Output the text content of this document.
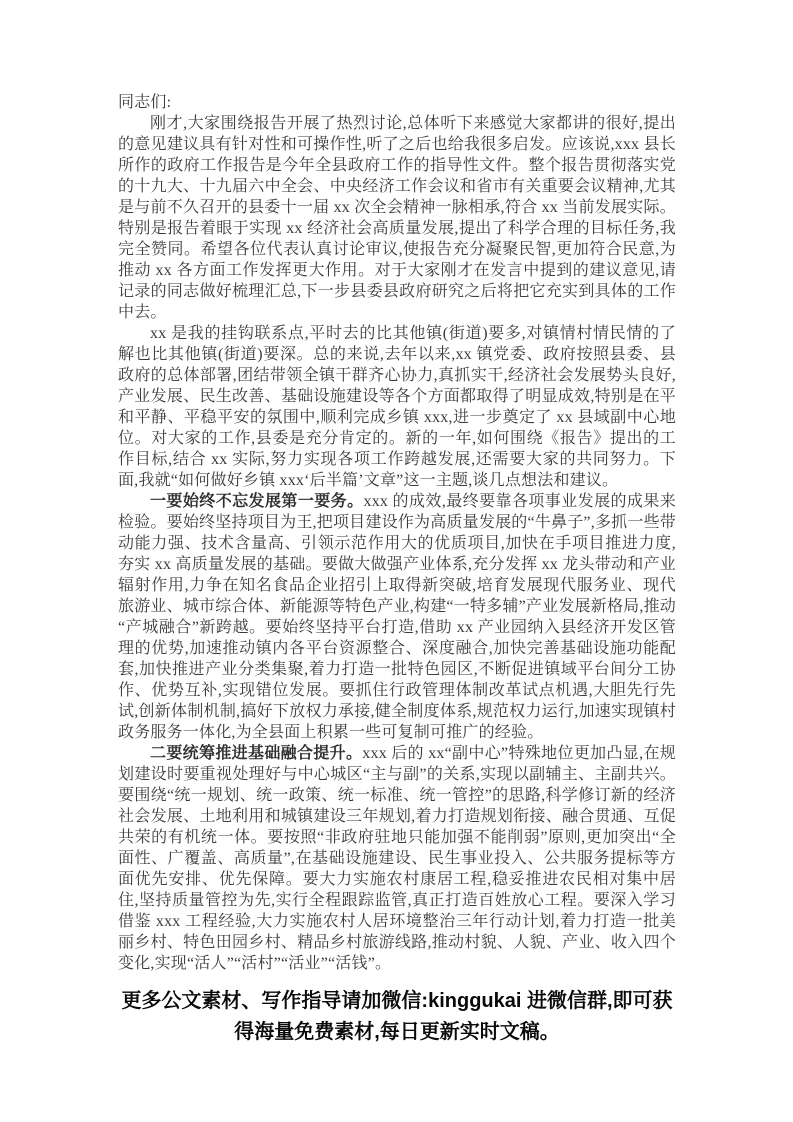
同志们:

刚才,大家围绕报告开展了热烈讨论,总体听下来感觉大家都讲的很好,提出的意见建议具有针对性和可操作性,听了之后也给我很多启发。应该说,xxx 县长所作的政府工作报告是今年全县政府工作的指导性文件。整个报告贯彻落实党的十九大、十九届六中全会、中央经济工作会议和省市有关重要会议精神,尤其是与前不久召开的县委十一届 xx 次全会精神一脉相承,符合 xx 当前发展实际。特别是报告着眼于实现 xx 经济社会高质量发展,提出了科学合理的目标任务,我完全赞同。希望各位代表认真讨论审议,使报告充分凝聚民智,更加符合民意,为推动 xx 各方面工作发挥更大作用。对于大家刚才在发言中提到的建议意见,请记录的同志做好梳理汇总,下一步县委县政府研究之后将把它充实到具体的工作中去。

xx 是我的挂钩联系点,平时去的比其他镇(街道)要多,对镇情村情民情的了解也比其他镇(街道)要深。总的来说,去年以来,xx 镇党委、政府按照县委、县政府的总体部署,团结带领全镇干群齐心协力,真抓实干,经济社会发展势头良好,产业发展、民生改善、基础设施建设等各个方面都取得了明显成效,特别是在平和平静、平稳平安的氛围中,顺利完成乡镇 xxx,进一步奠定了 xx 县域副中心地位。对大家的工作,县委是充分肯定的。新的一年,如何围绕《报告》提出的工作目标,结合 xx 实际,努力实现各项工作跨越发展,还需要大家的共同努力。下面,我就“如何做好乡镇 xxx‘后半篇’文章”这一主题,谈几点想法和建议。

一要始终不忘发展第一要务。xxx 的成效,最终要靠各项事业发展的成果来检验。要始终坚持项目为王,把项目建设作为高质量发展的“牛鼻子”,多抓一些带动能力强、技术含量高、引领示范作用大的优质项目,加快在手项目推进力度,夯实 xx 高质量发展的基础。要做大做强产业体系,充分发挥 xx 龙头带动和产业辐射作用,力争在知名食品企业招引上取得新突破,培育发展现代服务业、现代旅游业、城市综合体、新能源等特色产业,构建“一特多辅”产业发展新格局,推动“产城融合”新跨越。要始终坚持平台打造,借助 xx 产业园纳入县经济开发区管理的优势,加速推动镇内各平台资源整合、深度融合,加快完善基础设施功能配套,加快推进产业分类集聚,着力打造一批特色园区,不断促进镇域平台间分工协作、优势互补,实现错位发展。要抓住行政管理体制改革试点机遇,大胆先行先试,创新体制机制,搞好下放权力承接,健全制度体系,规范权力运行,加速实现镇村政务服务一体化,为全县面上积累一些可复制可推广的经验。

二要统筹推进基础融合提升。xxx 后的 xx“副中心”特殊地位更加凸显,在规划建设时要重视处理好与中心城区“主与副”的关系,实现以副辅主、主副共兴。要围绕“统一规划、统一政策、统一标准、统一管控”的思路,科学修订新的经济社会发展、土地利用和城镇建设三年规划,着力打造规划衔接、融合贯通、互促共荣的有机统一体。要按照“非政府驻地只能加强不能削弱”原则,更加突出“全面性、广覆盖、高质量”,在基础设施建设、民生事业投入、公共服务提标等方面优先安排、优先保障。要大力实施农村康居工程,稳妥推进农民相对集中居住,坚持质量管控为先,实行全程跟踪监管,真正打造百姓放心工程。要深入学习借鉴 xxx 工程经验,大力实施农村人居环境整治三年行动计划,着力打造一批美丽乡村、特色田园乡村、精品乡村旅游线路,推动村貌、人貌、产业、收入四个变化,实现“活人”“活村”“活业”“活钱”。

更多公文素材、写作指导请加微信:kinggukai 进微信群,即可获得海量免费素材,每日更新实时文稿。
